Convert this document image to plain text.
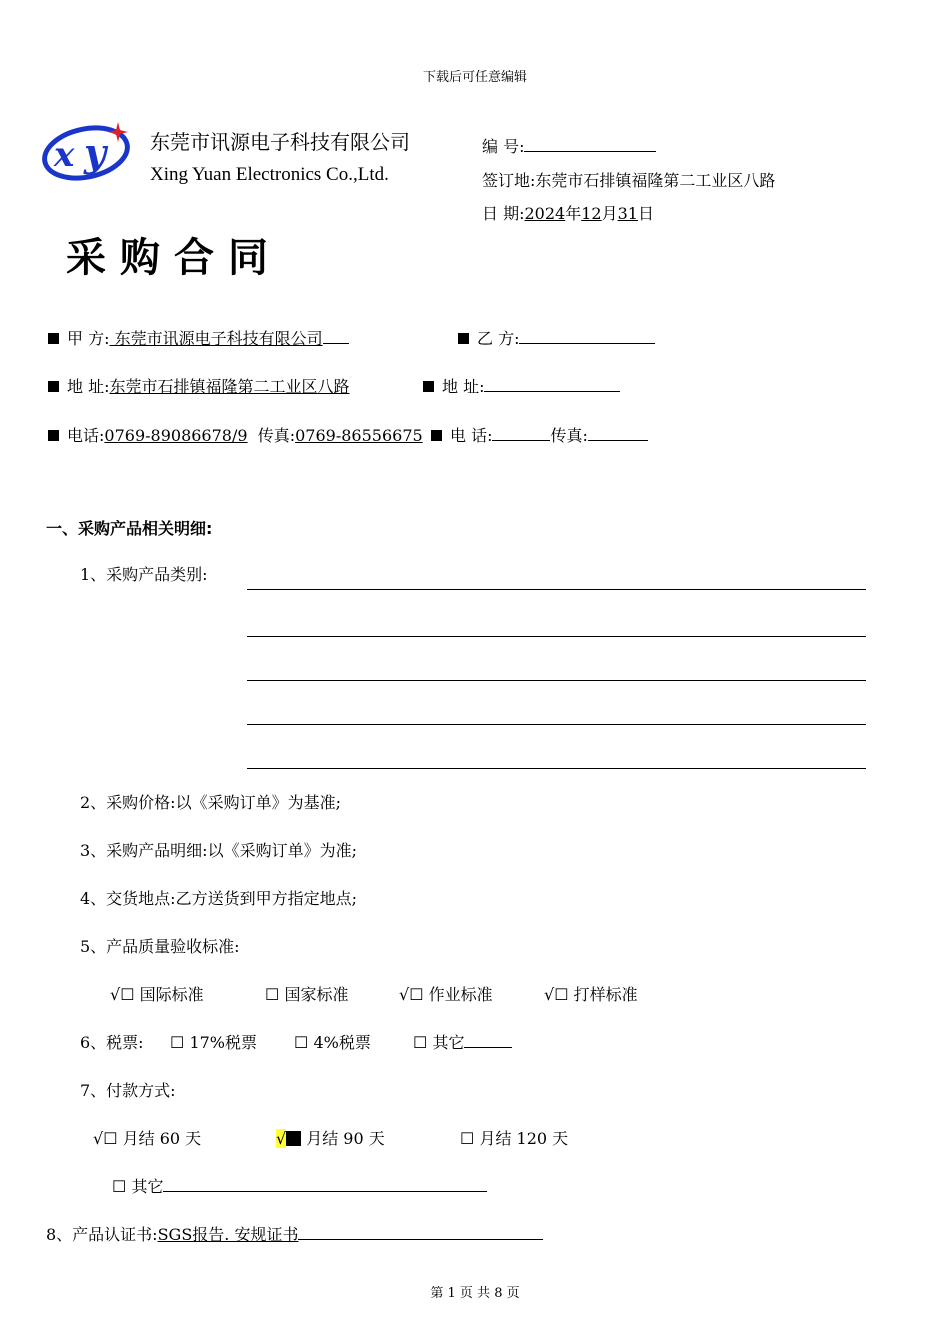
下载后可任意编辑
x y 东莞市讯源电子科技有限公司
Xing Yuan Electronics Co.,Ltd.
编 号:
签订地:东莞市石排镇福隆第二工业区八路
日 期:2024年12月31日
采购合同
甲 方: 东莞市讯源电子科技有限公司	乙 方:
地 址:东莞市石排镇福隆第二工业区八路	地 址:
电话:0769-89086678/9 传真:0769-86556675	电 话:	传真:
一、采购产品相关明细:
1、采购产品类别:
2、采购价格:以《采购订单》为基准;
3、采购产品明细:以《采购订单》为准;
4、交货地点:乙方送货到甲方指定地点;
5、产品质量验收标准:
√☐ 国际标准	☐ 国家标准	√☐ 作业标准	√☐ 打样标准
6、税票: ☐ 17%税票 ☐ 4%税票	☐ 其它
7、付款方式:
√☐ 月结 60 天	√ 月结 90 天	☐ 月结 120 天
☐ 其它
8、产品认证书:SGS报告. 安规证书
第 1 页 共 8 页
